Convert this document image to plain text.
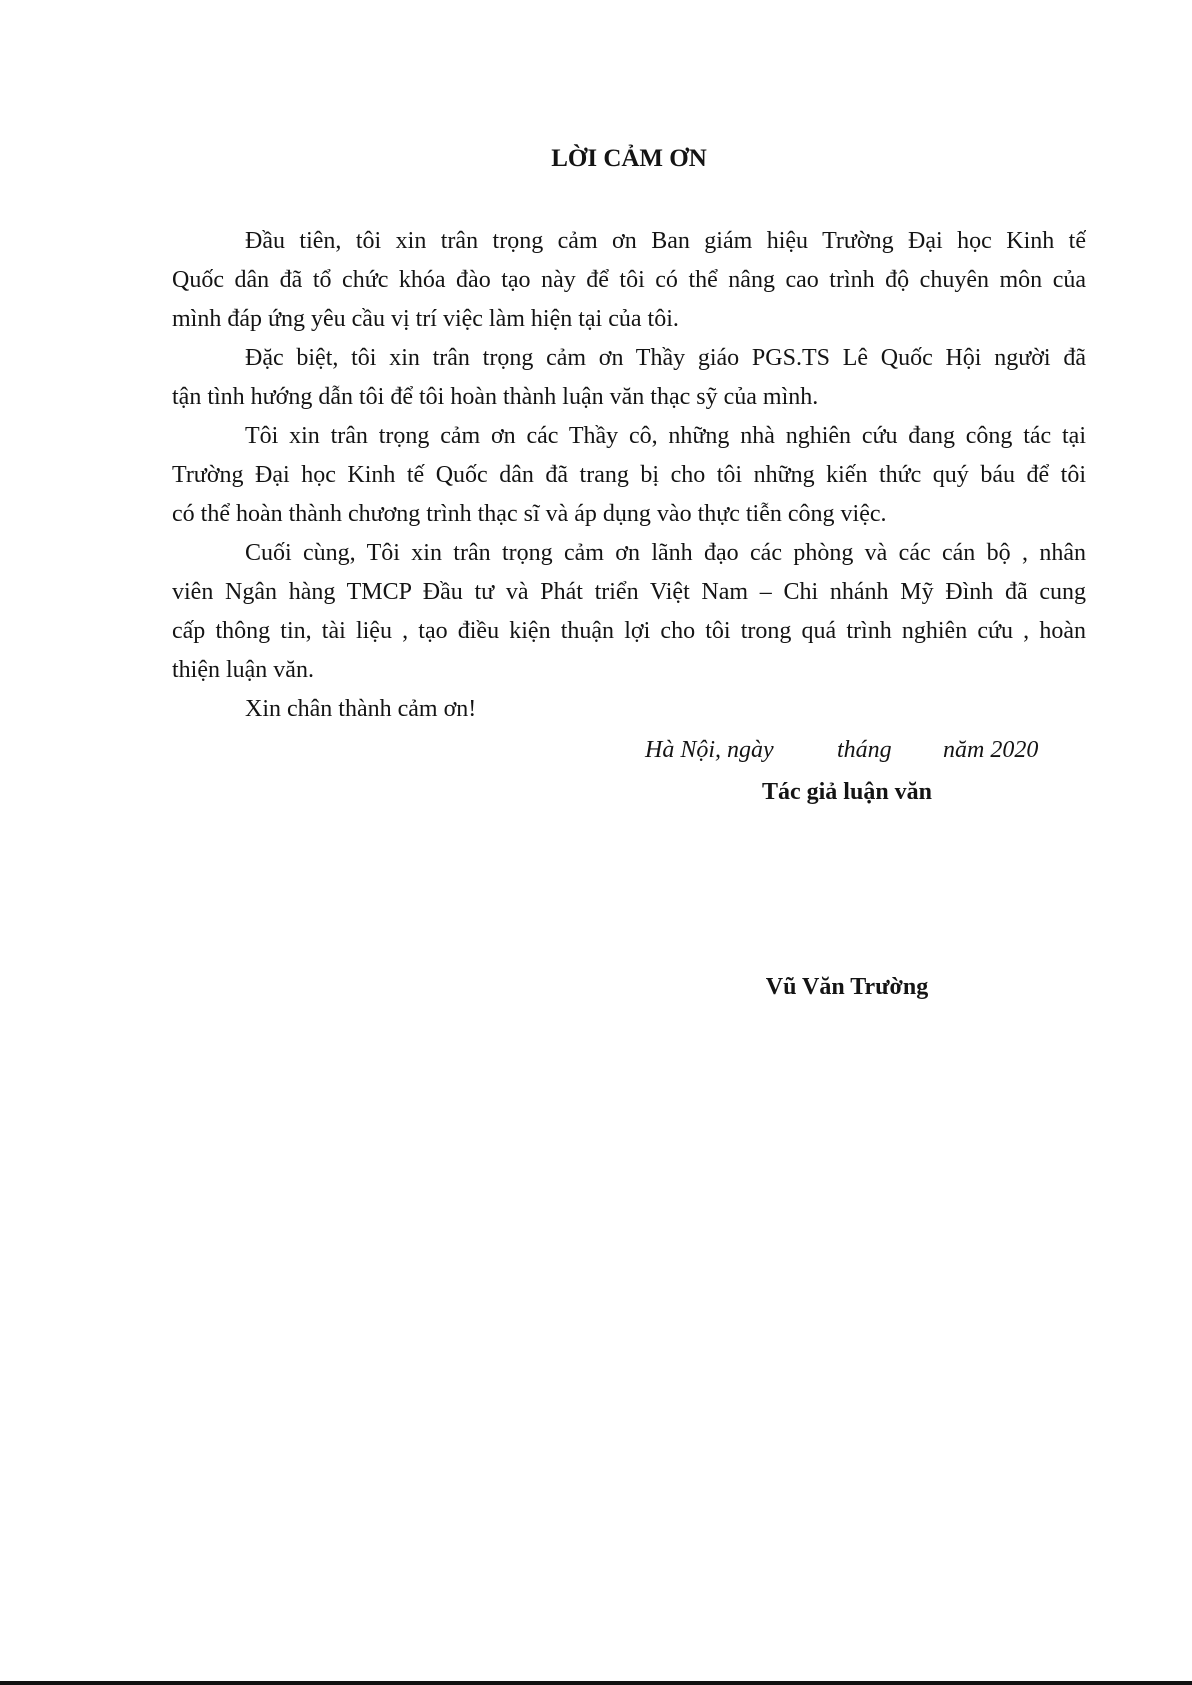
LỜI CẢM ƠN
Đầu tiên, tôi xin trân trọng cảm ơn Ban giám hiệu Trường Đại học Kinh tế
Quốc dân đã tổ chức khóa đào tạo này để tôi có thể nâng cao trình độ chuyên môn của
mình đáp ứng yêu cầu vị trí việc làm hiện tại của tôi.
Đặc biệt, tôi xin trân trọng cảm ơn Thầy giáo PGS.TS Lê Quốc Hội người đã
tận tình hướng dẫn tôi để tôi hoàn thành luận văn thạc sỹ của mình.
Tôi xin trân trọng cảm ơn các Thầy cô, những nhà nghiên cứu đang công tác tại
Trường Đại học Kinh tế Quốc dân đã trang bị cho tôi những kiến thức quý báu để tôi
có thể hoàn thành chương trình thạc sĩ và áp dụng vào thực tiễn công việc.
Cuối cùng, Tôi xin trân trọng cảm ơn lãnh đạo các phòng và các cán bộ , nhân
viên Ngân hàng TMCP Đầu tư và Phát triển Việt Nam – Chi nhánh Mỹ Đình đã cung
cấp thông tin, tài liệu , tạo điều kiện thuận lợi cho tôi trong quá trình nghiên cứu , hoàn
thiện luận văn.
Xin chân thành cảm ơn!
Hà Nội, ngày	tháng năm 2020
Tác giả luận văn
Vũ Văn Trường
